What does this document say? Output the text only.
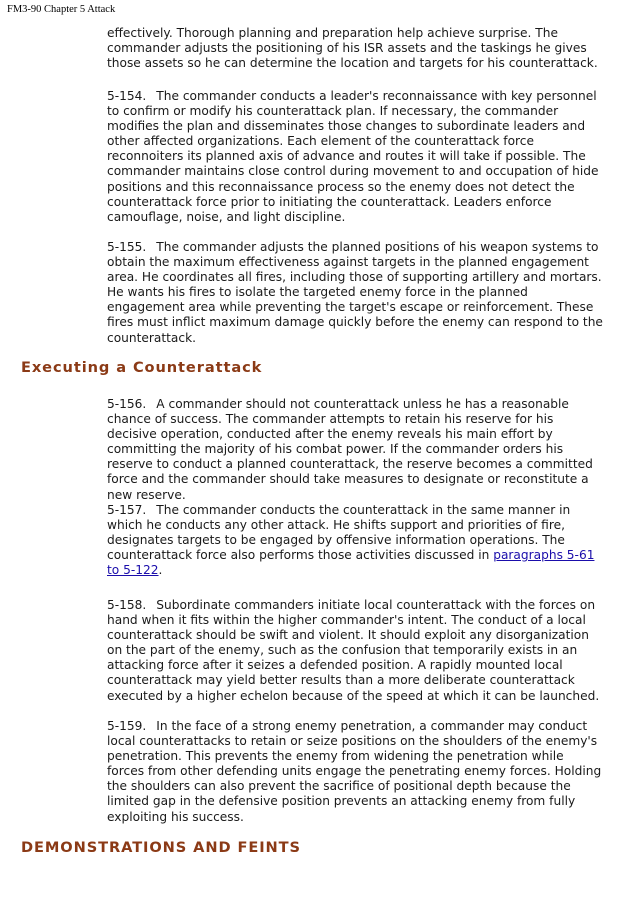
FM3-90 Chapter 5 Attack

effectively. Thorough planning and preparation help achieve surprise. The commander adjusts the positioning of his ISR assets and the taskings he gives those assets so he can determine the location and targets for his counterattack.

5-154. The commander conducts a leader's reconnaissance with key personnel to confirm or modify his counterattack plan. If necessary, the commander modifies the plan and disseminates those changes to subordinate leaders and other affected organizations. Each element of the counterattack force reconnoiters its planned axis of advance and routes it will take if possible. The commander maintains close control during movement to and occupation of hide positions and this reconnaissance process so the enemy does not detect the counterattack force prior to initiating the counterattack. Leaders enforce camouflage, noise, and light discipline.

5-155. The commander adjusts the planned positions of his weapon systems to obtain the maximum effectiveness against targets in the planned engagement area. He coordinates all fires, including those of supporting artillery and mortars. He wants his fires to isolate the targeted enemy force in the planned engagement area while preventing the target's escape or reinforcement. These fires must inflict maximum damage quickly before the enemy can respond to the counterattack.

Executing a Counterattack

5-156. A commander should not counterattack unless he has a reasonable chance of success. The commander attempts to retain his reserve for his decisive operation, conducted after the enemy reveals his main effort by committing the majority of his combat power. If the commander orders his reserve to conduct a planned counterattack, the reserve becomes a committed force and the commander should take measures to designate or reconstitute a new reserve.

5-157. The commander conducts the counterattack in the same manner in which he conducts any other attack. He shifts support and priorities of fire, designates targets to be engaged by offensive information operations. The counterattack force also performs those activities discussed in paragraphs 5-61 to 5-122.

5-158. Subordinate commanders initiate local counterattack with the forces on hand when it fits within the higher commander's intent. The conduct of a local counterattack should be swift and violent. It should exploit any disorganization on the part of the enemy, such as the confusion that temporarily exists in an attacking force after it seizes a defended position. A rapidly mounted local counterattack may yield better results than a more deliberate counterattack executed by a higher echelon because of the speed at which it can be launched.

5-159. In the face of a strong enemy penetration, a commander may conduct local counterattacks to retain or seize positions on the shoulders of the enemy's penetration. This prevents the enemy from widening the penetration while forces from other defending units engage the penetrating enemy forces. Holding the shoulders can also prevent the sacrifice of positional depth because the limited gap in the defensive position prevents an attacking enemy from fully exploiting his success.

DEMONSTRATIONS AND FEINTS
